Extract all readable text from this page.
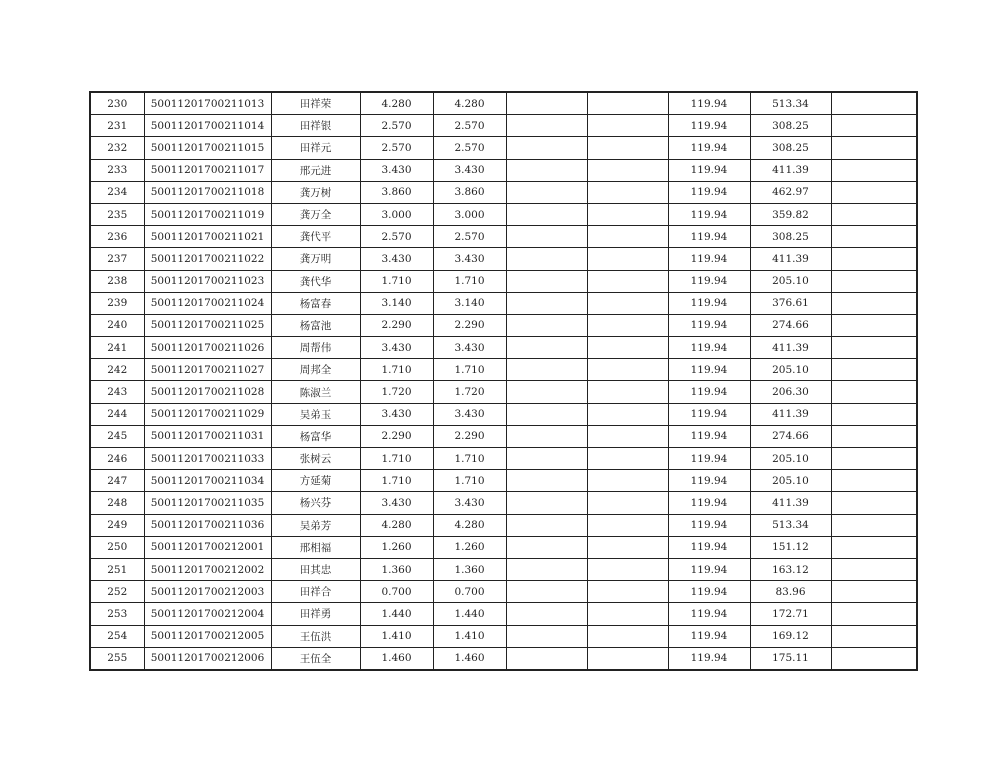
230	50011201700211013	田祥荣	4.280	4.280			119.94	513.34	
231	50011201700211014	田祥银	2.570	2.570			119.94	308.25	
232	50011201700211015	田祥元	2.570	2.570			119.94	308.25	
233	50011201700211017	邢元进	3.430	3.430			119.94	411.39	
234	50011201700211018	龚万树	3.860	3.860			119.94	462.97	
235	50011201700211019	龚万全	3.000	3.000			119.94	359.82	
236	50011201700211021	龚代平	2.570	2.570			119.94	308.25	
237	50011201700211022	龚万明	3.430	3.430			119.94	411.39	
238	50011201700211023	龚代华	1.710	1.710			119.94	205.10	
239	50011201700211024	杨富春	3.140	3.140			119.94	376.61	
240	50011201700211025	杨富池	2.290	2.290			119.94	274.66	
241	50011201700211026	周帮伟	3.430	3.430			119.94	411.39	
242	50011201700211027	周邦全	1.710	1.710			119.94	205.10	
243	50011201700211028	陈淑兰	1.720	1.720			119.94	206.30	
244	50011201700211029	吴弟玉	3.430	3.430			119.94	411.39	
245	50011201700211031	杨富华	2.290	2.290			119.94	274.66	
246	50011201700211033	张树云	1.710	1.710			119.94	205.10	
247	50011201700211034	方延菊	1.710	1.710			119.94	205.10	
248	50011201700211035	杨兴芬	3.430	3.430			119.94	411.39	
249	50011201700211036	吴弟芳	4.280	4.280			119.94	513.34	
250	50011201700212001	邢相福	1.260	1.260			119.94	151.12	
251	50011201700212002	田其忠	1.360	1.360			119.94	163.12	
252	50011201700212003	田祥合	0.700	0.700			119.94	83.96	
253	50011201700212004	田祥勇	1.440	1.440			119.94	172.71	
254	50011201700212005	王伍洪	1.410	1.410			119.94	169.12	
255	50011201700212006	王伍全	1.460	1.460			119.94	175.11	
